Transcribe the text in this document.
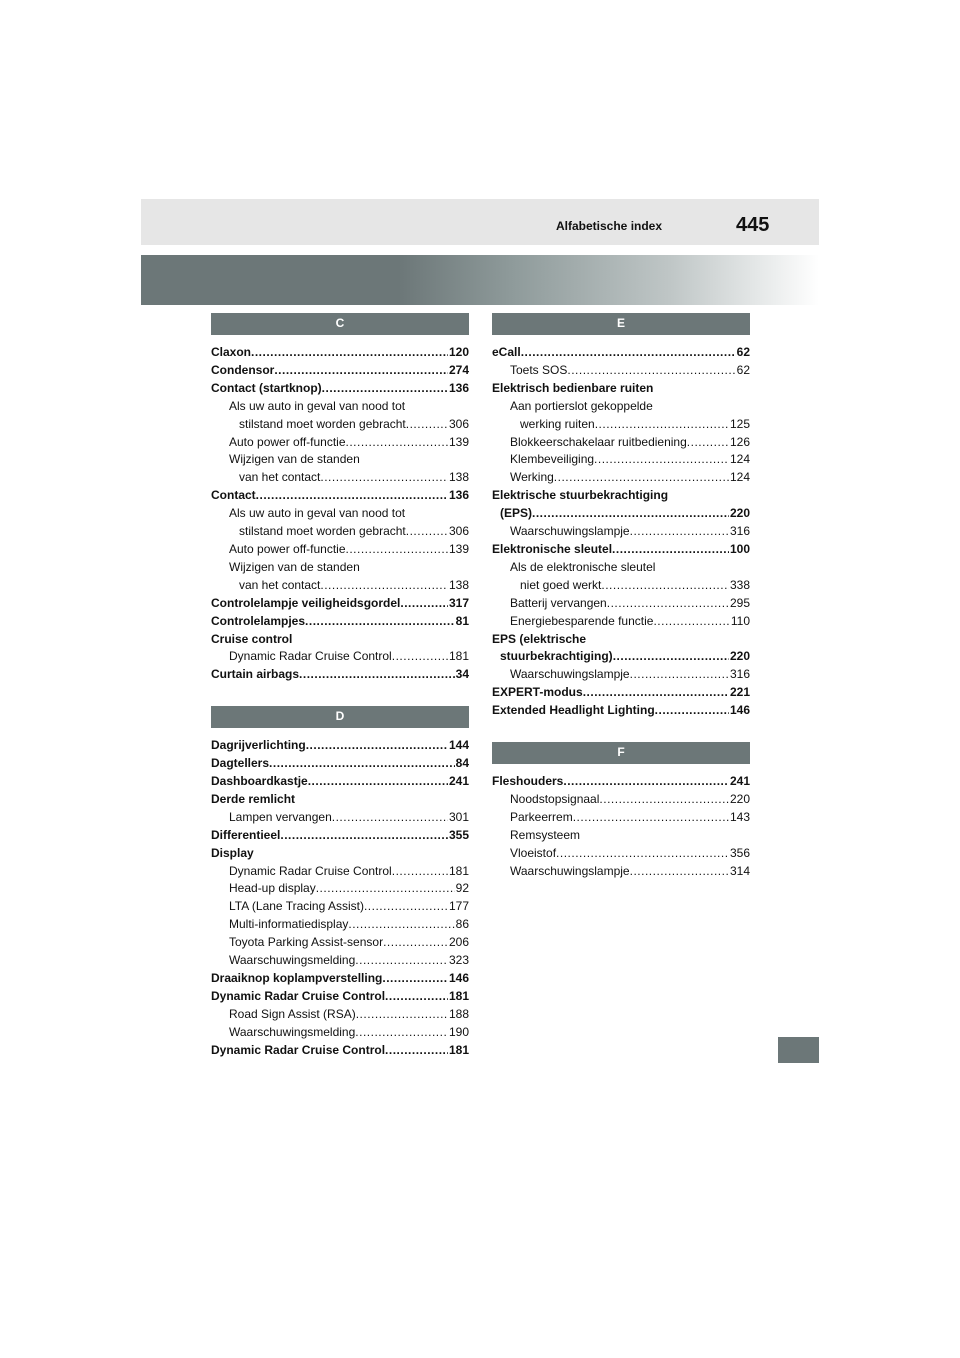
Alfabetische index	445
C
Claxon .....	120
Condensor .....	274
Contact (startknop) .....	136
Als uw auto in geval van nood tot
stilstand moet worden gebracht .....	306
Auto power off-functie .....	139
Wijzigen van de standen
van het contact .....	138
Contact .....	136
Als uw auto in geval van nood tot
stilstand moet worden gebracht .....	306
Auto power off-functie .....	139
Wijzigen van de standen
van het contact .....	138
Controlelampje veiligheidsgordel .....	317
Controlelampjes .....	81
Cruise control
Dynamic Radar Cruise Control .....	181
Curtain airbags .....	34
D
Dagrijverlichting .....	144
Dagtellers .....	84
Dashboardkastje .....	241
Derde remlicht
Lampen vervangen .....	301
Differentieel .....	355
Display
Dynamic Radar Cruise Control .....	181
Head-up display .....	92
LTA (Lane Tracing Assist) .....	177
Multi-informatiedisplay .....	86
Toyota Parking Assist-sensor .....	206
Waarschuwingsmelding .....	323
Draaiknop koplampverstelling .....	146
Dynamic Radar Cruise Control .....	181
Road Sign Assist (RSA) .....	188
Waarschuwingsmelding .....	190
Dynamic Radar Cruise Control .....	181
E
eCall .....	62
Toets SOS .....	62
Elektrisch bedienbare ruiten
Aan portierslot gekoppelde
werking ruiten .....	125
Blokkeerschakelaar ruitbediening .....	126
Klembeveiliging .....	124
Werking .....	124
Elektrische stuurbekrachtiging
(EPS) .....	220
Waarschuwingslampje .....	316
Elektronische sleutel .....	100
Als de elektronische sleutel
niet goed werkt .....	338
Batterij vervangen .....	295
Energiebesparende functie .....	110
EPS (elektrische
stuurbekrachtiging) .....	220
Waarschuwingslampje .....	316
EXPERT-modus .....	221
Extended Headlight Lighting .....	146
F
Fleshouders .....	241
Noodstopsignaal .....	220
Parkeerrem .....	143
Remsysteem
Vloeistof .....	356
Waarschuwingslampje .....	314
